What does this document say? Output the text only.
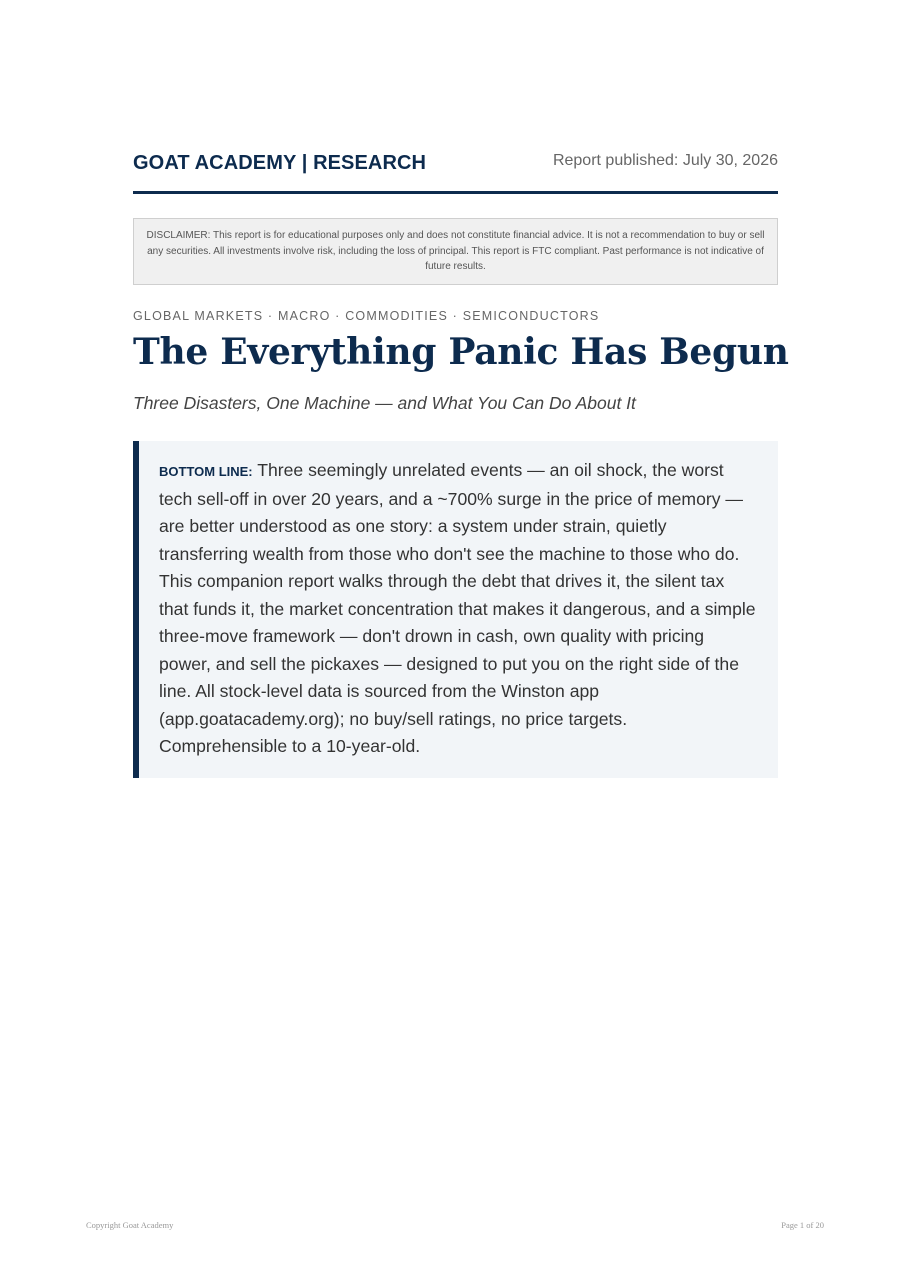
GOAT ACADEMY | RESEARCH	Report published: July 30, 2026
DISCLAIMER: This report is for educational purposes only and does not constitute financial advice. It is not a recommendation to buy or sell any securities. All investments involve risk, including the loss of principal. This report is FTC compliant. Past performance is not indicative of future results.
GLOBAL MARKETS · MACRO · COMMODITIES · SEMICONDUCTORS
The Everything Panic Has Begun
Three Disasters, One Machine — and What You Can Do About It
BOTTOM LINE: Three seemingly unrelated events — an oil shock, the worst tech sell-off in over 20 years, and a ~700% surge in the price of memory — are better understood as one story: a system under strain, quietly transferring wealth from those who don't see the machine to those who do. This companion report walks through the debt that drives it, the silent tax that funds it, the market concentration that makes it dangerous, and a simple three-move framework — don't drown in cash, own quality with pricing power, and sell the pickaxes — designed to put you on the right side of the line. All stock-level data is sourced from the Winston app (app.goatacademy.org); no buy/sell ratings, no price targets. Comprehensible to a 10-year-old.
Copyright Goat Academy	Page 1 of 20
